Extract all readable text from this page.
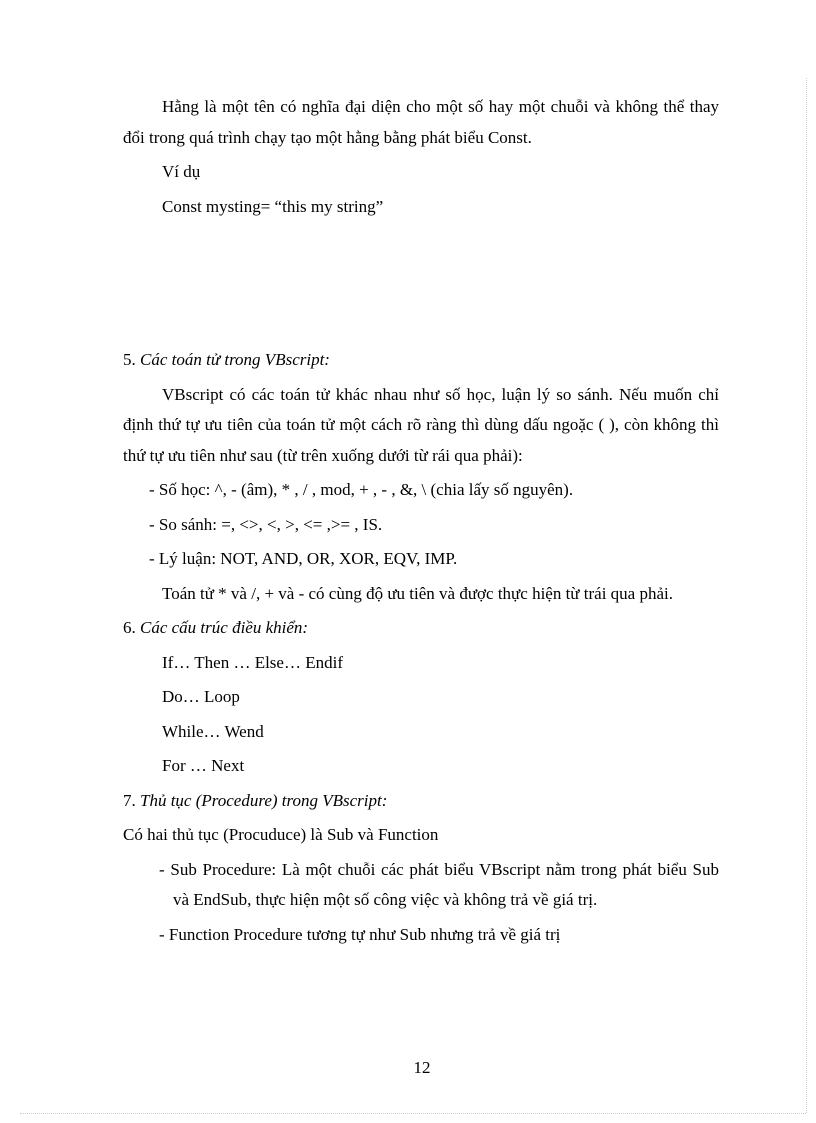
Hằng là một tên có nghĩa đại diện cho một số hay một chuỗi và không thể thay đổi trong quá trình chạy tạo một hằng bằng phát biểu Const.

Ví dụ

Const mysting= “this my string”

5. Các toán tử trong VBscript:

VBscript có các toán tử khác nhau như số học, luận lý so sánh. Nếu muốn chỉ định thứ tự ưu tiên của toán tử một cách rõ ràng thì dùng dấu ngoặc ( ), còn không thì thứ tự ưu tiên như sau (từ trên xuống dưới từ rái qua phải):

- Số học: ^, - (âm), * , / , mod, + , - , &, \ (chia lấy số nguyên).

- So sánh: =, <>, <, >, <= ,>= , IS.

- Lý luận: NOT, AND, OR, XOR, EQV, IMP.

Toán tử * và /, + và - có cùng độ ưu tiên và được thực hiện từ trái qua phải.

6. Các cấu trúc điều khiển:

If… Then … Else… Endif

Do… Loop

While… Wend

For … Next

7. Thủ tục (Procedure) trong VBscript:

Có hai thủ tục (Procuduce) là Sub và Function

- Sub Procedure: Là một chuỗi các phát biểu VBscript nằm trong phát biểu Sub và EndSub, thực hiện một số công việc và không trả về giá trị.

- Function Procedure tương tự như Sub nhưng trả về giá trị

12
